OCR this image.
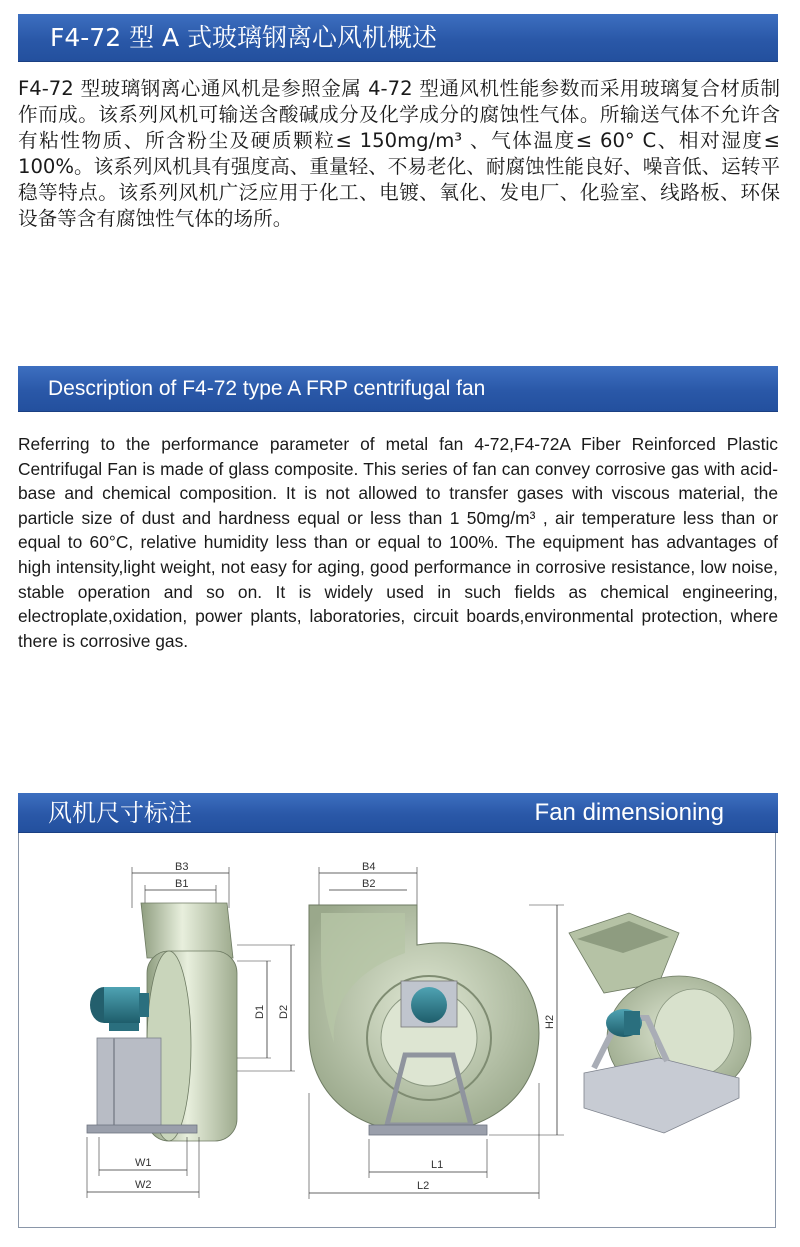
F4-72 型 A 式玻璃钢离心风机概述

F4-72 型玻璃钢离心通风机是参照金属 4-72 型通风机性能参数而采用玻璃复合材质制作而成。该系列风机可输送含酸碱成分及化学成分的腐蚀性气体。所输送气体不允许含有粘性物质、所含粉尘及硬质颗粒≤ 150mg/m³ 、气体温度≤ 60° C、相对湿度≤ 100%。该系列风机具有强度高、重量轻、不易老化、耐腐蚀性能良好、噪音低、运转平稳等特点。该系列风机广泛应用于化工、电镀、氧化、发电厂、化验室、线路板、环保设备等含有腐蚀性气体的场所。

Description of F4-72 type A FRP centrifugal fan

Referring to the performance parameter of metal fan 4-72,F4-72A Fiber Reinforced Plastic Centrifugal Fan is made of glass composite. This series of fan can convey corrosive gas with acid-base and chemical composition. It is not allowed to transfer gases with viscous material, the particle size of dust and hardness equal or less than 1 50mg/m³ , air temperature less than or equal to 60°C, relative humidity less than or equal to 100%. The equipment has advantages of high intensity,light weight, not easy for aging, good performance in corrosive resistance, low noise, stable operation and so on. It is widely used in such fields as chemical engineering, electroplate,oxidation, power plants, laboratories, circuit boards,environmental protection, where there is corrosive gas.

风机尺寸标注	Fan dimensioning
B3
B1
D1 D2
W1
W2
B4
B2
H2
L1
L2
